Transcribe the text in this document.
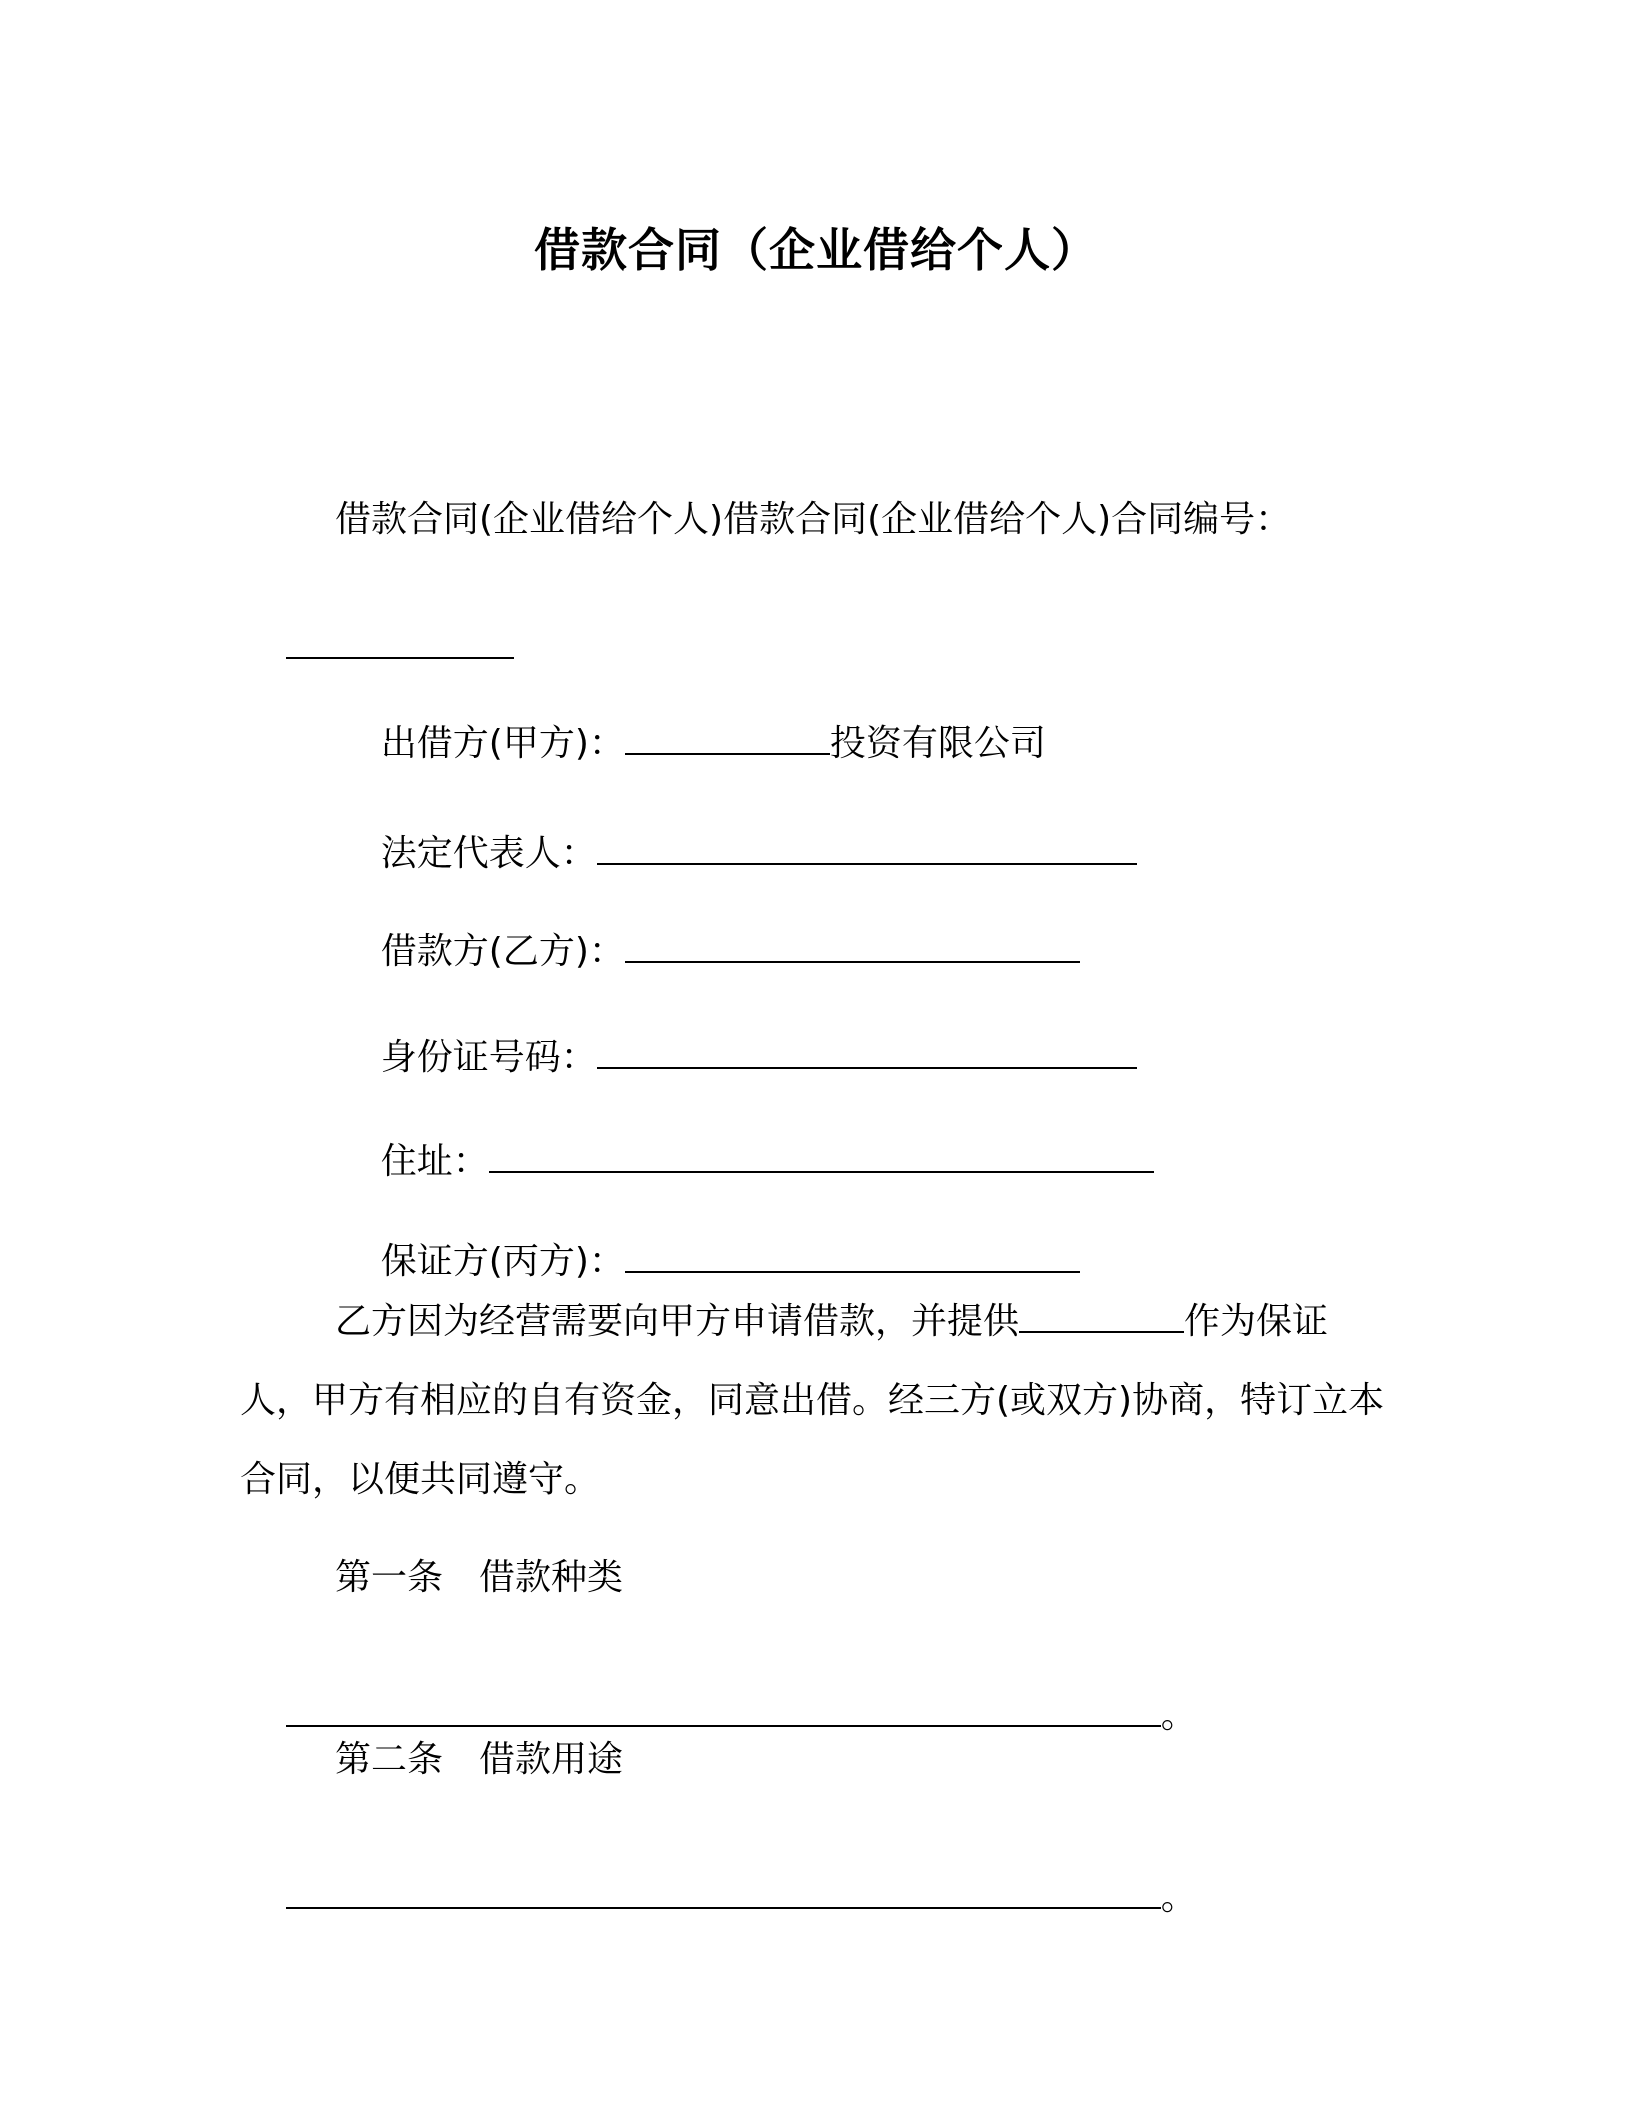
借款合同（企业借给个人）
借款合同(企业借给个人)借款合同(企业借给个人)合同编号：

出借方(甲方)：	投资有限公司

法定代表人：

借款方(乙方)：

身份证号码：

住址：

保证方(丙方)：

乙方因为经营需要向甲方申请借款，并提供	作为保证人，甲方有相应的自有资金，同意出借。经三方(或双方)协商，特订立本合同，以便共同遵守。
第一条　借款种类

。

第二条　借款用途

。
